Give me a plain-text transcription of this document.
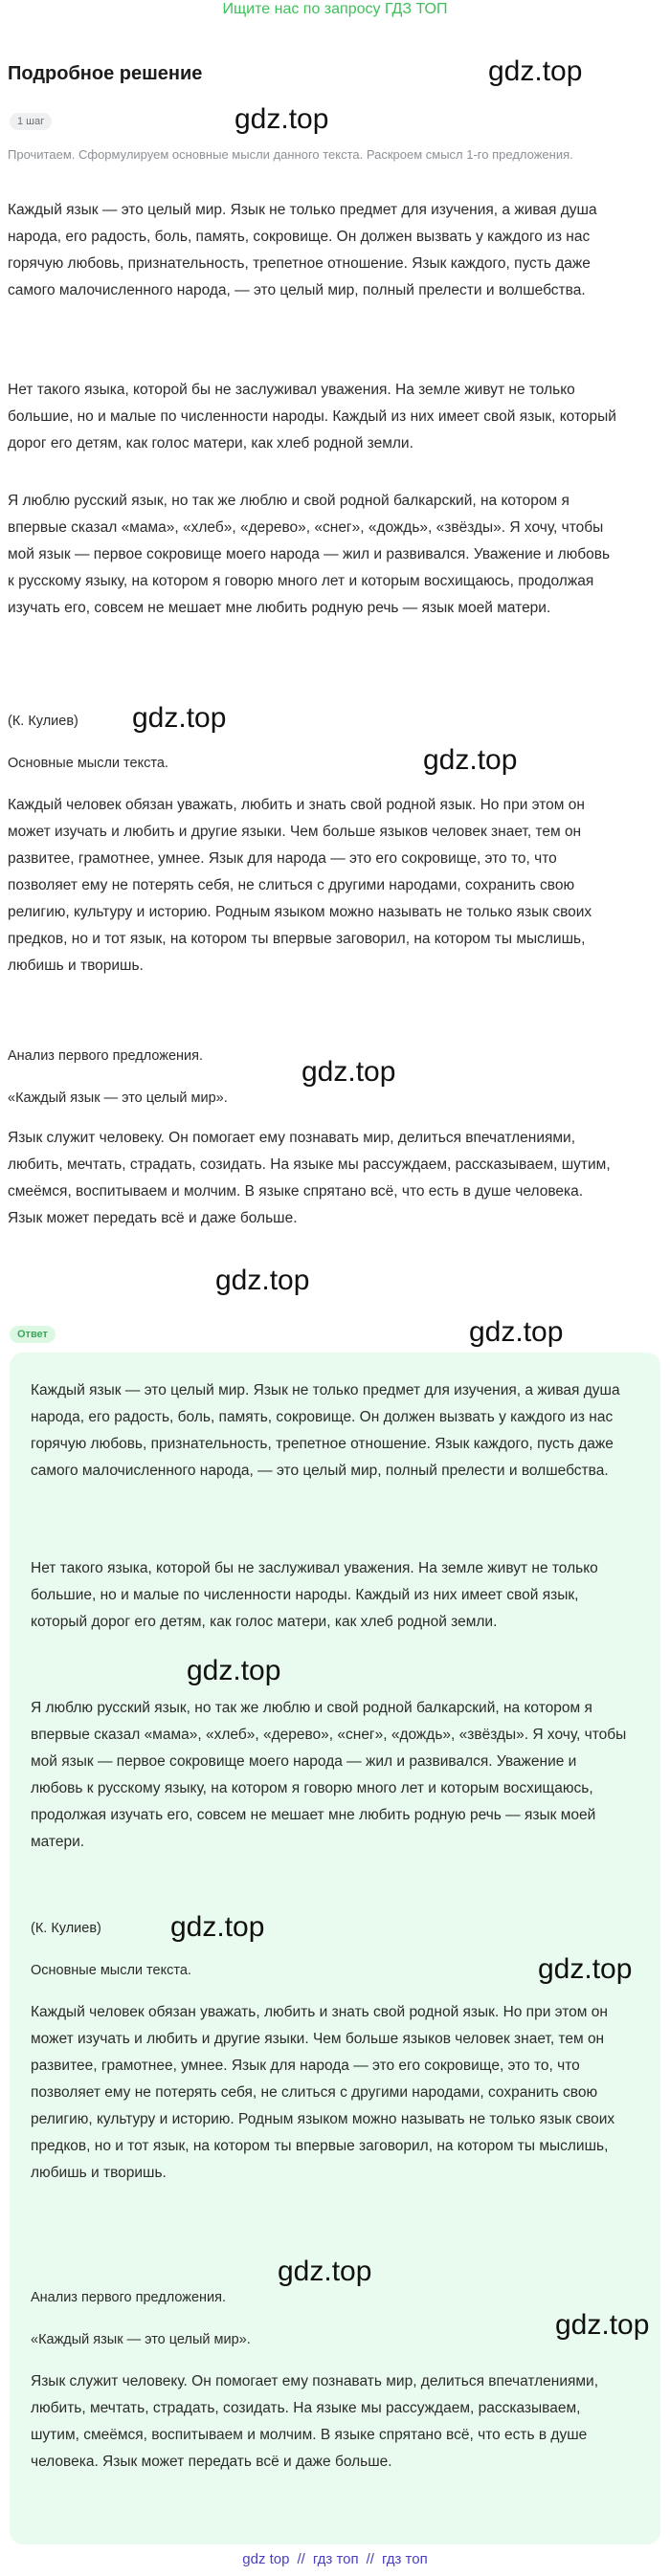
Ищите нас по запросу ГДЗ ТОП
Подробное решение
1 шаг
Прочитаем. Сформулируем основные мысли данного текста. Раскроем смысл 1-го предложения.
Каждый язык — это целый мир. Язык не только предмет для изучения, а живая душа народа, его радость, боль, память, сокровище. Он должен вызвать у каждого из нас горячую любовь, признательность, трепетное отношение. Язык каждого, пусть даже самого малочисленного народа, — это целый мир, полный прелести и волшебства.
Нет такого языка, которой бы не заслуживал уважения. На земле живут не только большие, но и малые по численности народы. Каждый из них имеет свой язык, который дорог его детям, как голос матери, как хлеб родной земли.
Я люблю русский язык, но так же люблю и свой родной балкарский, на котором я впервые сказал «мама», «хлеб», «дерево», «снег», «дождь», «звёзды». Я хочу, чтобы мой язык — первое сокровище моего народа — жил и развивался. Уважение и любовь к русскому языку, на котором я говорю много лет и которым восхищаюсь, продолжая изучать его, совсем не мешает мне любить родную речь — язык моей матери.
(К. Кулиев)
Основные мысли текста.
Каждый человек обязан уважать, любить и знать свой родной язык. Но при этом он может изучать и любить и другие языки. Чем больше языков человек знает, тем он развитее, грамотнее, умнее. Язык для народа — это его сокровище, это то, что позволяет ему не потерять себя, не слиться с другими народами, сохранить свою религию, культуру и историю. Родным языком можно называть не только язык своих предков, но и тот язык, на котором ты впервые заговорил, на котором ты мыслишь, любишь и творишь.
Анализ первого предложения.
«Каждый язык — это целый мир».
Язык служит человеку. Он помогает ему познавать мир, делиться впечатлениями, любить, мечтать, страдать, созидать. На языке мы рассуждаем, рассказываем, шутим, смеёмся, воспитываем и молчим. В языке спрятано всё, что есть в душе человека. Язык может передать всё и даже больше.
Ответ
Каждый язык — это целый мир. Язык не только предмет для изучения, а живая душа народа, его радость, боль, память, сокровище. Он должен вызвать у каждого из нас горячую любовь, признательность, трепетное отношение. Язык каждого, пусть даже самого малочисленного народа, — это целый мир, полный прелести и волшебства.
Нет такого языка, которой бы не заслуживал уважения. На земле живут не только большие, но и малые по численности народы. Каждый из них имеет свой язык, который дорог его детям, как голос матери, как хлеб родной земли.
Я люблю русский язык, но так же люблю и свой родной балкарский, на котором я впервые сказал «мама», «хлеб», «дерево», «снег», «дождь», «звёзды». Я хочу, чтобы мой язык — первое сокровище моего народа — жил и развивался. Уважение и любовь к русскому языку, на котором я говорю много лет и которым восхищаюсь, продолжая изучать его, совсем не мешает мне любить родную речь — язык моей матери.
(К. Кулиев)
Основные мысли текста.
Каждый человек обязан уважать, любить и знать свой родной язык. Но при этом он может изучать и любить и другие языки. Чем больше языков человек знает, тем он развитее, грамотнее, умнее. Язык для народа — это его сокровище, это то, что позволяет ему не потерять себя, не слиться с другими народами, сохранить свою религию, культуру и историю. Родным языком можно называть не только язык своих предков, но и тот язык, на котором ты впервые заговорил, на котором ты мыслишь, любишь и творишь.
Анализ первого предложения.
«Каждый язык — это целый мир».
Язык служит человеку. Он помогает ему познавать мир, делиться впечатлениями, любить, мечтать, страдать, созидать. На языке мы рассуждаем, рассказываем, шутим, смеёмся, воспитываем и молчим. В языке спрятано всё, что есть в душе человека. Язык может передать всё и даже больше.
gdz.top
gdz.top
gdz.top
gdz.top
gdz.top
gdz.top
gdz.top
gdz.top
gdz.top
gdz.top
gdz.top
gdz.top
gdz top // гдз топ // гдз топ
